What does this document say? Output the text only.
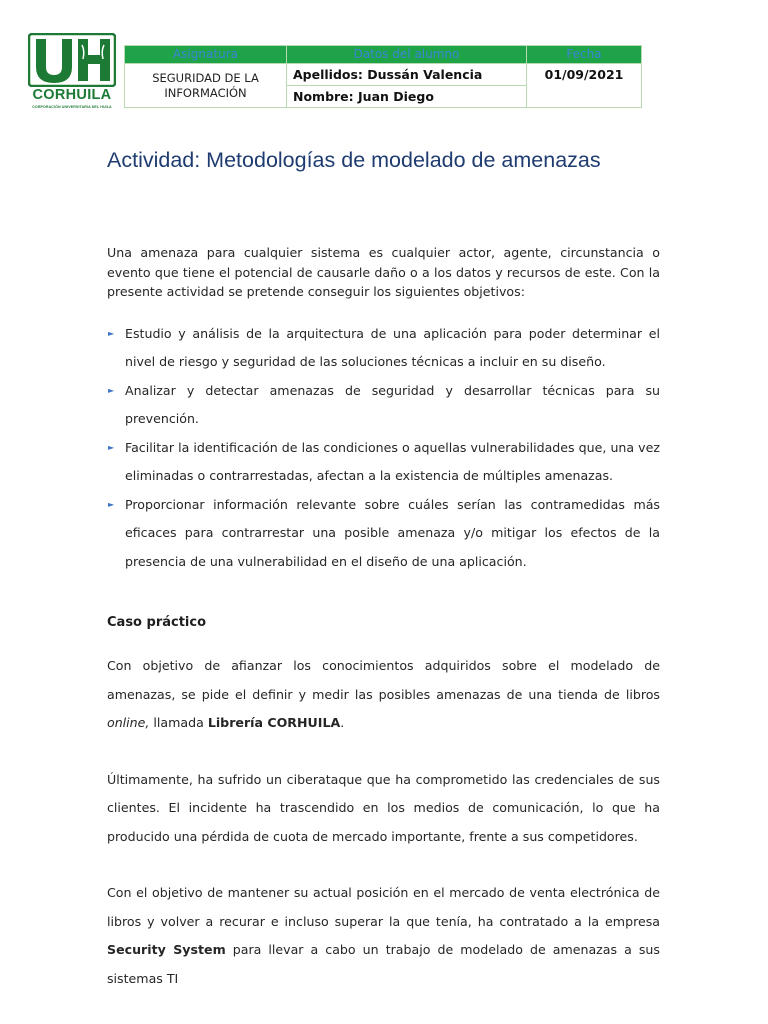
CORHUILA
CORPORACIÓN UNIVERSITARIA DEL HUILA
Asignatura	Datos del alumno	Fecha
SEGURIDAD DE LA INFORMACIÓN	Apellidos: Dussán Valencia	01/09/2021
	Nombre: Juan Diego	
Actividad: Metodologías de modelado de amenazas

Una amenaza para cualquier sistema es cualquier actor, agente, circunstancia o evento que tiene el potencial de causarle daño o a los datos y recursos de este. Con la presente actividad se pretende conseguir los siguientes objetivos:

► Estudio y análisis de la arquitectura de una aplicación para poder determinar el nivel de riesgo y seguridad de las soluciones técnicas a incluir en su diseño.
► Analizar y detectar amenazas de seguridad y desarrollar técnicas para su prevención.
► Facilitar la identificación de las condiciones o aquellas vulnerabilidades que, una vez eliminadas o contrarrestadas, afectan a la existencia de múltiples amenazas.
► Proporcionar información relevante sobre cuáles serían las contramedidas más eficaces para contrarrestar una posible amenaza y/o mitigar los efectos de la presencia de una vulnerabilidad en el diseño de una aplicación.
Caso práctico

Con objetivo de afianzar los conocimientos adquiridos sobre el modelado de amenazas, se pide el definir y medir las posibles amenazas de una tienda de libros online, llamada Librería CORHUILA.

Últimamente, ha sufrido un ciberataque que ha comprometido las credenciales de sus clientes. El incidente ha trascendido en los medios de comunicación, lo que ha producido una pérdida de cuota de mercado importante, frente a sus competidores.

Con el objetivo de mantener su actual posición en el mercado de venta electrónica de libros y volver a recurar e incluso superar la que tenía, ha contratado a la empresa Security System para llevar a cabo un trabajo de modelado de amenazas a sus sistemas TI
